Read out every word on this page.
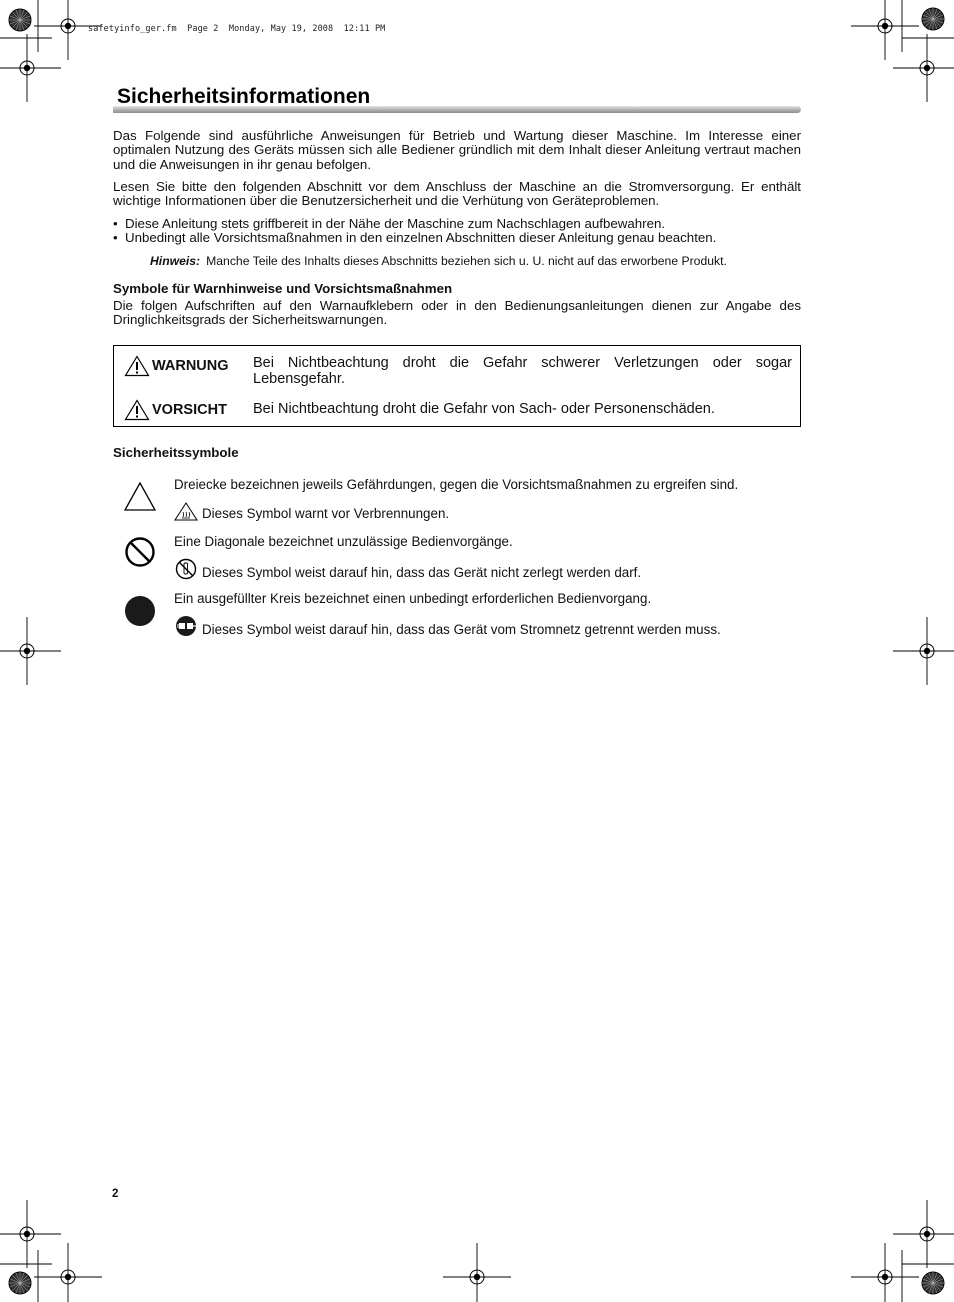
safetyinfo_ger.fm  Page 2  Monday, May 19, 2008  12:11 PM
Sicherheitsinformationen

Das Folgende sind ausführliche Anweisungen für Betrieb und Wartung dieser Maschine. Im Interesse einer optimalen Nutzung des Geräts müssen sich alle Bediener gründlich mit dem Inhalt dieser Anleitung vertraut machen und die Anweisungen in ihr genau befolgen.

Lesen Sie bitte den folgenden Abschnitt vor dem Anschluss der Maschine an die Stromversorgung. Er enthält wichtige Informationen über die Benutzersicherheit und die Verhütung von Geräteproblemen.

• Diese Anleitung stets griffbereit in der Nähe der Maschine zum Nachschlagen aufbewahren.
• Unbedingt alle Vorsichtsmaßnahmen in den einzelnen Abschnitten dieser Anleitung genau beachten.
Hinweis: Manche Teile des Inhalts dieses Abschnitts beziehen sich u. U. nicht auf das erworbene Produkt.
Symbole für Warnhinweise und Vorsichtsmaßnahmen

Die folgen Aufschriften auf den Warnaufklebern oder in den Bedienungsanleitungen dienen zur Angabe des Dringlichkeitsgrads der Sicherheitswarnungen.

WARNUNG Bei Nichtbeachtung droht die Gefahr schwerer Verletzungen oder sogar Lebensgefahr.
VORSICHT Bei Nichtbeachtung droht die Gefahr von Sach- oder Personenschäden.
Sicherheitssymbole
Dreiecke bezeichnen jeweils Gefährdungen, gegen die Vorsichtsmaßnahmen zu ergreifen sind.
Dieses Symbol warnt vor Verbrennungen.
Eine Diagonale bezeichnet unzulässige Bedienvorgänge.
Dieses Symbol weist darauf hin, dass das Gerät nicht zerlegt werden darf.
Ein ausgefüllter Kreis bezeichnet einen unbedingt erforderlichen Bedienvorgang.
Dieses Symbol weist darauf hin, dass das Gerät vom Stromnetz getrennt werden muss.
2
